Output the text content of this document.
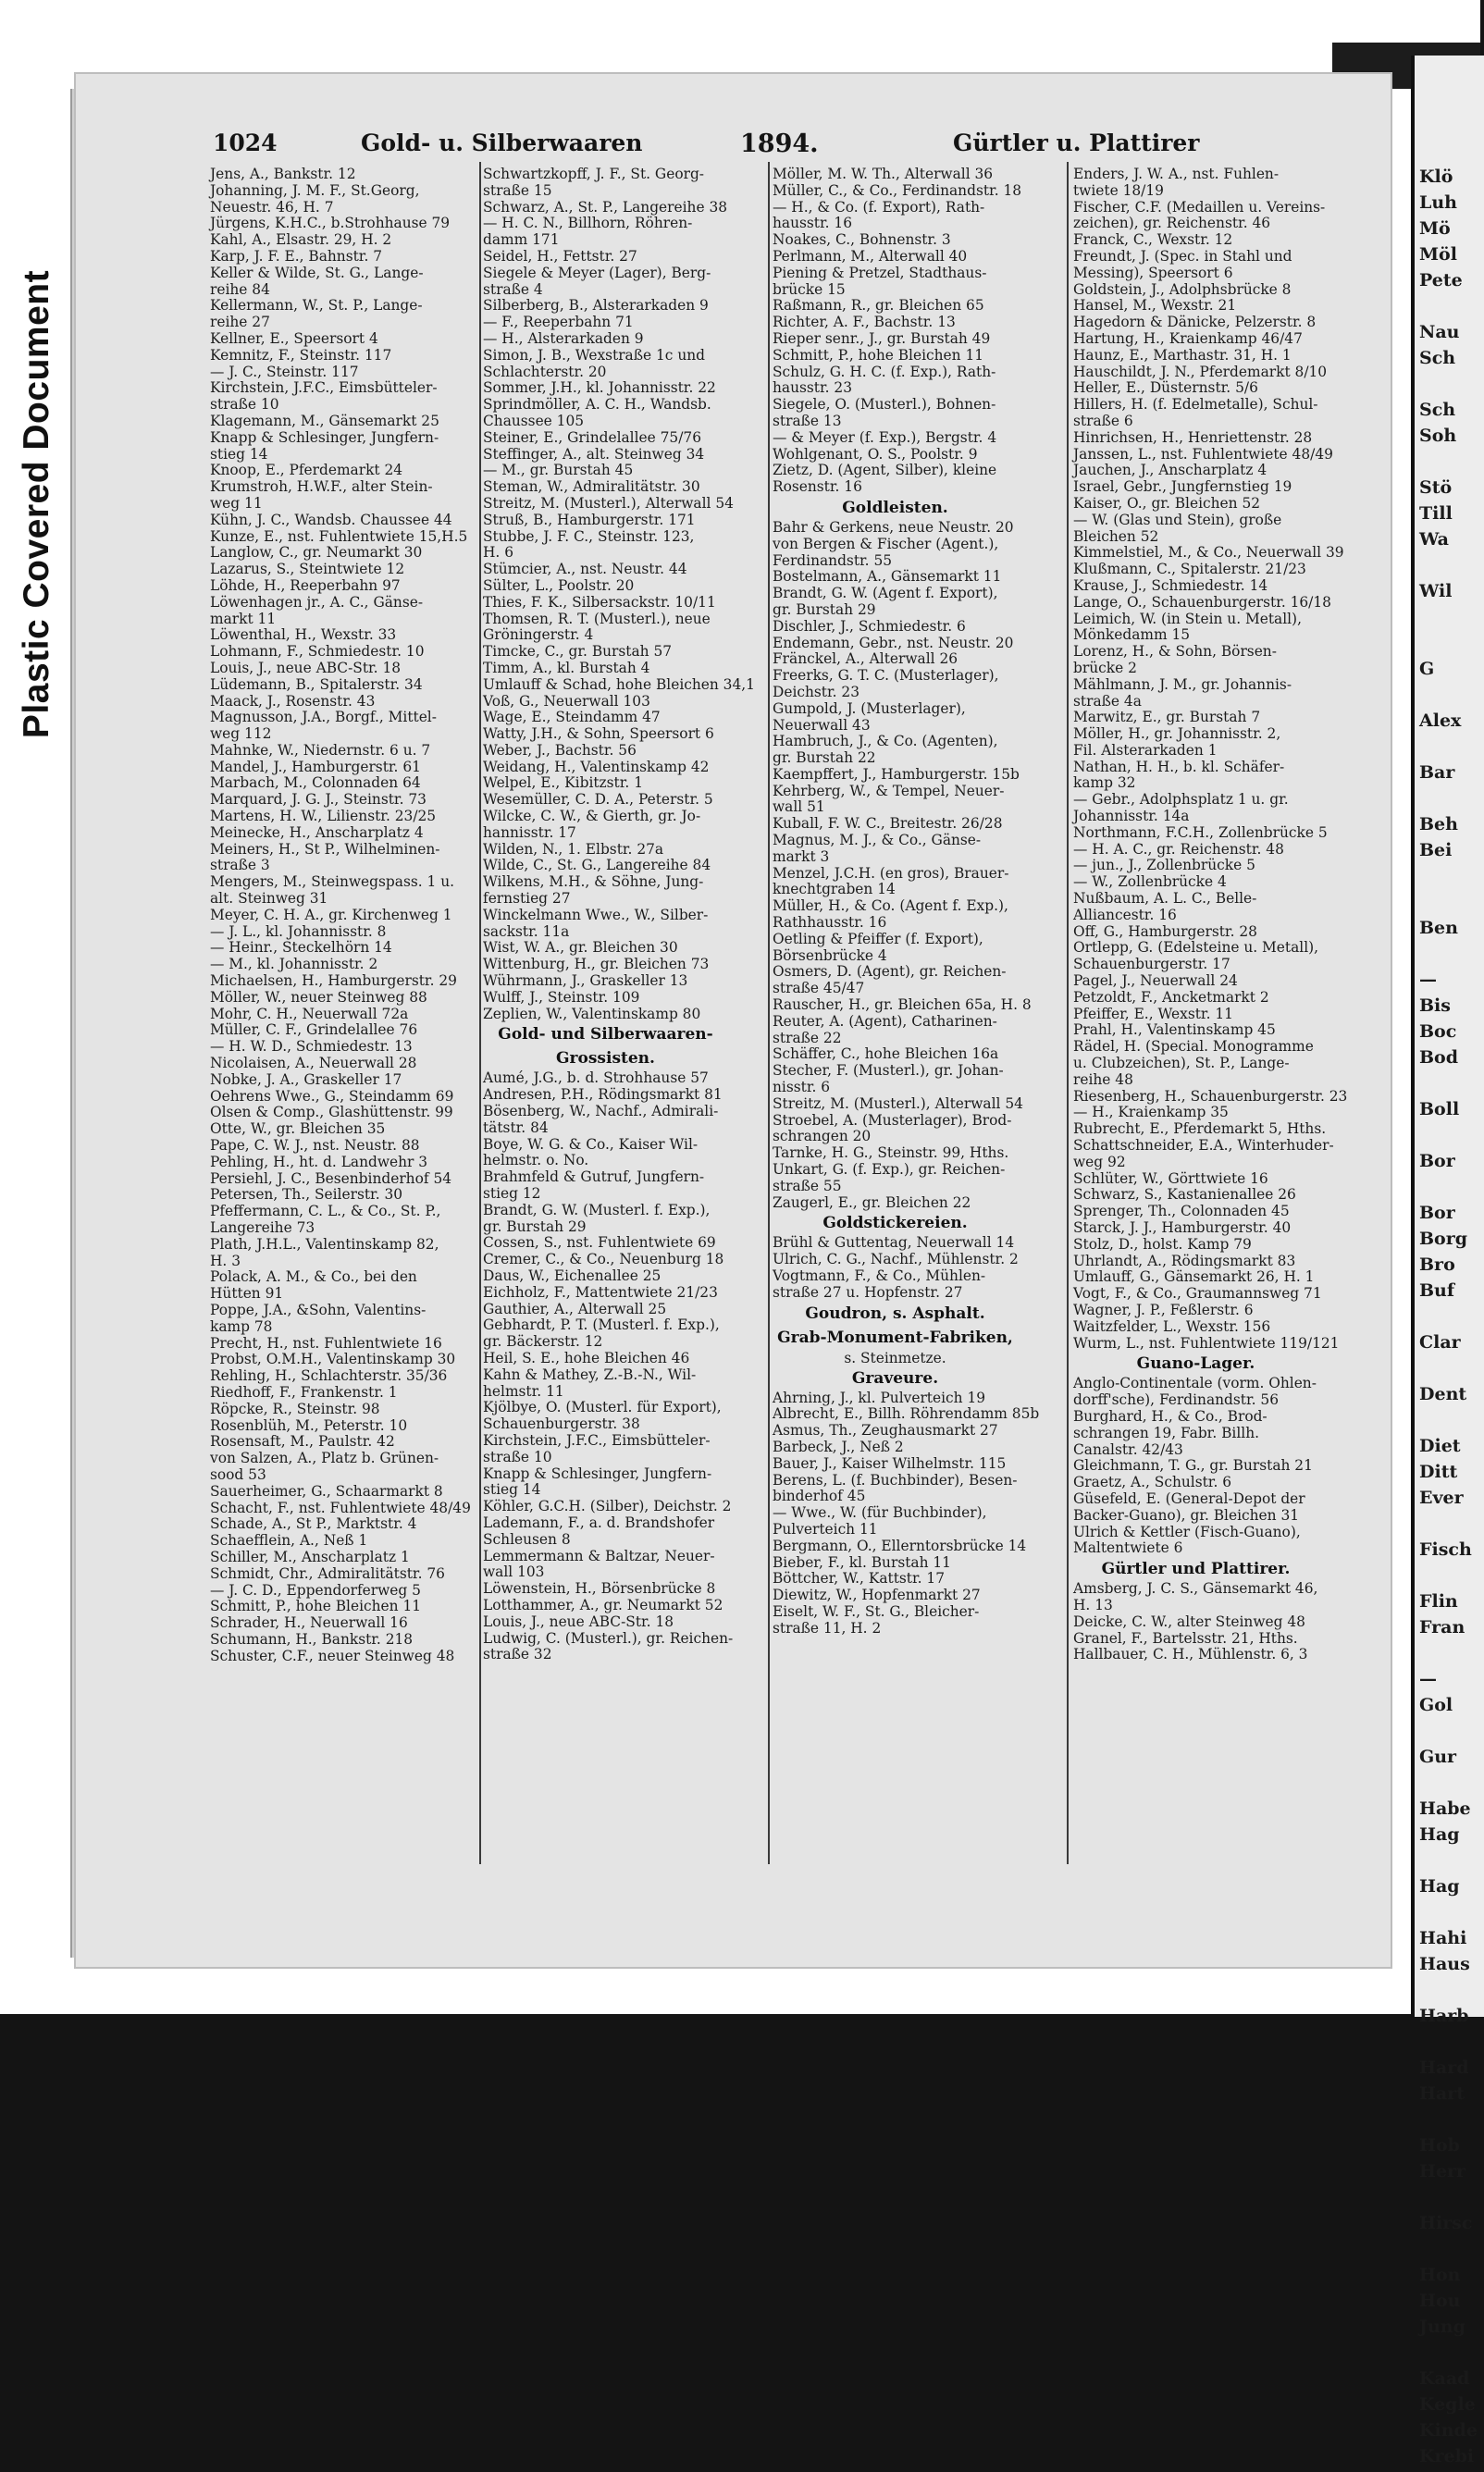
Plastic Covered Document
Klö
Luh
Mö
Möl
Pete
Nau
Sch
Sch
Soh
Stö
Till
Wa
Wil
G
Alex
Bar
Beh
Bei
Ben
—
Bis
Boc
Bod
Boll
Bor
Bor
Borg
Bro
Buf
Clar
Dent
Diet
Ditt
Ever
Fisch
Flin
Fran
—
Gol
Gur
Habe
Hag
Hag
Hahi
Haus
Harb
Hard
Hart
Hob
Herr
Hirsc
Hon
Hou
Jung
Kaad
Kegle
Kinde
Krebi
1024	Gold- u. Silberwaaren	1894.	Gürtler u. Plattirer
Jens, A., Bankstr. 12
Johanning, J. M. F., St.Georg,
Neuestr. 46, H. 7
Jürgens, K.H.C., b.Strohhause 79
Kahl, A., Elsastr. 29, H. 2
Karp, J. F. E., Bahnstr. 7
Keller & Wilde, St. G., Lange-
reihe 84
Kellermann, W., St. P., Lange-
reihe 27
Kellner, E., Speersort 4
Kemnitz, F., Steinstr. 117
— J. C., Steinstr. 117
Kirchstein, J.F.C., Eimsbütteler-
straße 10
Klagemann, M., Gänsemarkt 25
Knapp & Schlesinger, Jungfern-
stieg 14
Knoop, E., Pferdemarkt 24
Krumstroh, H.W.F., alter Stein-
weg 11
Kühn, J. C., Wandsb. Chaussee 44
Kunze, E., nst. Fuhlentwiete 15,H.5
Langlow, C., gr. Neumarkt 30
Lazarus, S., Steintwiete 12
Löhde, H., Reeperbahn 97
Löwenhagen jr., A. C., Gänse-
markt 11
Löwenthal, H., Wexstr. 33
Lohmann, F., Schmiedestr. 10
Louis, J., neue ABC-Str. 18
Lüdemann, B., Spitalerstr. 34
Maack, J., Rosenstr. 43
Magnusson, J.A., Borgf., Mittel-
weg 112
Mahnke, W., Niedernstr. 6 u. 7
Mandel, J., Hamburgerstr. 61
Marbach, M., Colonnaden 64
Marquard, J. G. J., Steinstr. 73
Martens, H. W., Lilienstr. 23/25
Meinecke, H., Anscharplatz 4
Meiners, H., St P., Wilhelminen-
straße 3
Mengers, M., Steinwegspass. 1 u.
alt. Steinweg 31
Meyer, C. H. A., gr. Kirchenweg 1
— J. L., kl. Johannisstr. 8
— Heinr., Steckelhörn 14
— M., kl. Johannisstr. 2
Michaelsen, H., Hamburgerstr. 29
Möller, W., neuer Steinweg 88
Mohr, C. H., Neuerwall 72a
Müller, C. F., Grindelallee 76
— H. W. D., Schmiedestr. 13
Nicolaisen, A., Neuerwall 28
Nobke, J. A., Graskeller 17
Oehrens Wwe., G., Steindamm 69
Olsen & Comp., Glashüttenstr. 99
Otte, W., gr. Bleichen 35
Pape, C. W. J., nst. Neustr. 88
Pehling, H., ht. d. Landwehr 3
Persiehl, J. C., Besenbinderhof 54
Petersen, Th., Seilerstr. 30
Pfeffermann, C. L., & Co., St. P.,
Langereihe 73
Plath, J.H.L., Valentinskamp 82,
H. 3
Polack, A. M., & Co., bei den
Hütten 91
Poppe, J.A., &Sohn, Valentins-
kamp 78
Precht, H., nst. Fuhlentwiete 16
Probst, O.M.H., Valentinskamp 30
Rehling, H., Schlachterstr. 35/36
Riedhoff, F., Frankenstr. 1
Röpcke, R., Steinstr. 98
Rosenblüh, M., Peterstr. 10
Rosensaft, M., Paulstr. 42
von Salzen, A., Platz b. Grünen-
sood 53
Sauerheimer, G., Schaarmarkt 8
Schacht, F., nst. Fuhlentwiete 48/49
Schade, A., St P., Marktstr. 4
Schaefflein, A., Neß 1
Schiller, M., Anscharplatz 1
Schmidt, Chr., Admiralitätstr. 76
— J. C. D., Eppendorferweg 5
Schmitt, P., hohe Bleichen 11
Schrader, H., Neuerwall 16
Schumann, H., Bankstr. 218
Schuster, C.F., neuer Steinweg 48
Schwartzkopff, J. F., St. Georg-
straße 15
Schwarz, A., St. P., Langereihe 38
— H. C. N., Billhorn, Röhren-
damm 171
Seidel, H., Fettstr. 27
Siegele & Meyer (Lager), Berg-
straße 4
Silberberg, B., Alsterarkaden 9
— F., Reeperbahn 71
— H., Alsterarkaden 9
Simon, J. B., Wexstraße 1c und
Schlachterstr. 20
Sommer, J.H., kl. Johannisstr. 22
Sprindmöller, A. C. H., Wandsb.
Chaussee 105
Steiner, E., Grindelallee 75/76
Steffinger, A., alt. Steinweg 34
— M., gr. Burstah 45
Steman, W., Admiralitätstr. 30
Streitz, M. (Musterl.), Alterwall 54
Struß, B., Hamburgerstr. 171
Stubbe, J. F. C., Steinstr. 123,
H. 6
Stümcier, A., nst. Neustr. 44
Sülter, L., Poolstr. 20
Thies, F. K., Silbersackstr. 10/11
Thomsen, R. T. (Musterl.), neue
Gröningerstr. 4
Timcke, C., gr. Burstah 57
Timm, A., kl. Burstah 4
Umlauff & Schad, hohe Bleichen 34,1
Voß, G., Neuerwall 103
Wage, E., Steindamm 47
Watty, J.H., & Sohn, Speersort 6
Weber, J., Bachstr. 56
Weidang, H., Valentinskamp 42
Welpel, E., Kibitzstr. 1
Wesemüller, C. D. A., Peterstr. 5
Wilcke, C. W., & Gierth, gr. Jo-
hannisstr. 17
Wilden, N., 1. Elbstr. 27a
Wilde, C., St. G., Langereihe 84
Wilkens, M.H., & Söhne, Jung-
fernstieg 27
Winckelmann Wwe., W., Silber-
sackstr. 11a
Wist, W. A., gr. Bleichen 30
Wittenburg, H., gr. Bleichen 73
Wührmann, J., Graskeller 13
Wulff, J., Steinstr. 109
Zeplien, W., Valentinskamp 80
Gold- und Silberwaaren-
Grossisten.
Aumé, J.G., b. d. Strohhause 57
Andresen, P.H., Rödingsmarkt 81
Bösenberg, W., Nachf., Admirali-
tätstr. 84
Boye, W. G. & Co., Kaiser Wil-
helmstr. o. No.
Brahmfeld & Gutruf, Jungfern-
stieg 12
Brandt, G. W. (Musterl. f. Exp.),
gr. Burstah 29
Cossen, S., nst. Fuhlentwiete 69
Cremer, C., & Co., Neuenburg 18
Daus, W., Eichenallee 25
Eichholz, F., Mattentwiete 21/23
Gauthier, A., Alterwall 25
Gebhardt, P. T. (Musterl. f. Exp.),
gr. Bäckerstr. 12
Heil, S. E., hohe Bleichen 46
Kahn & Mathey, Z.-B.-N., Wil-
helmstr. 11
Kjölbye, O. (Musterl. für Export),
Schauenburgerstr. 38
Kirchstein, J.F.C., Eimsbütteler-
straße 10
Knapp & Schlesinger, Jungfern-
stieg 14
Köhler, G.C.H. (Silber), Deichstr. 2
Lademann, F., a. d. Brandshofer
Schleusen 8
Lemmermann & Baltzar, Neuer-
wall 103
Löwenstein, H., Börsenbrücke 8
Lotthammer, A., gr. Neumarkt 52
Louis, J., neue ABC-Str. 18
Ludwig, C. (Musterl.), gr. Reichen-
straße 32
Möller, M. W. Th., Alterwall 36
Müller, C., & Co., Ferdinandstr. 18
— H., & Co. (f. Export), Rath-
hausstr. 16
Noakes, C., Bohnenstr. 3
Perlmann, M., Alterwall 40
Piening & Pretzel, Stadthaus-
brücke 15
Raßmann, R., gr. Bleichen 65
Richter, A. F., Bachstr. 13
Rieper senr., J., gr. Burstah 49
Schmitt, P., hohe Bleichen 11
Schulz, G. H. C. (f. Exp.), Rath-
hausstr. 23
Siegele, O. (Musterl.), Bohnen-
straße 13
— & Meyer (f. Exp.), Bergstr. 4
Wohlgenant, O. S., Poolstr. 9
Zietz, D. (Agent, Silber), kleine
Rosenstr. 16
Goldleisten.
Bahr & Gerkens, neue Neustr. 20
von Bergen & Fischer (Agent.),
Ferdinandstr. 55
Bostelmann, A., Gänsemarkt 11
Brandt, G. W. (Agent f. Export),
gr. Burstah 29
Dischler, J., Schmiedestr. 6
Endemann, Gebr., nst. Neustr. 20
Fränckel, A., Alterwall 26
Freerks, G. T. C. (Musterlager),
Deichstr. 23
Gumpold, J. (Musterlager),
Neuerwall 43
Hambruch, J., & Co. (Agenten),
gr. Burstah 22
Kaempffert, J., Hamburgerstr. 15b
Kehrberg, W., & Tempel, Neuer-
wall 51
Kuball, F. W. C., Breitestr. 26/28
Magnus, M. J., & Co., Gänse-
markt 3
Menzel, J.C.H. (en gros), Brauer-
knechtgraben 14
Müller, H., & Co. (Agent f. Exp.),
Rathhausstr. 16
Oetling & Pfeiffer (f. Export),
Börsenbrücke 4
Osmers, D. (Agent), gr. Reichen-
straße 45/47
Rauscher, H., gr. Bleichen 65a, H. 8
Reuter, A. (Agent), Catharinen-
straße 22
Schäffer, C., hohe Bleichen 16a
Stecher, F. (Musterl.), gr. Johan-
nisstr. 6
Streitz, M. (Musterl.), Alterwall 54
Stroebel, A. (Musterlager), Brod-
schrangen 20
Tarnke, H. G., Steinstr. 99, Hths.
Unkart, G. (f. Exp.), gr. Reichen-
straße 55
Zaugerl, E., gr. Bleichen 22
Goldstickereien.
Brühl & Guttentag, Neuerwall 14
Ulrich, C. G., Nachf., Mühlenstr. 2
Vogtmann, F., & Co., Mühlen-
straße 27 u. Hopfenstr. 27
Goudron, s. Asphalt.
Grab-Monument-Fabriken,
s. Steinmetze.
Graveure.
Ahrning, J., kl. Pulverteich 19
Albrecht, E., Billh. Röhrendamm 85b
Asmus, Th., Zeughausmarkt 27
Barbeck, J., Neß 2
Bauer, J., Kaiser Wilhelmstr. 115
Berens, L. (f. Buchbinder), Besen-
binderhof 45
— Wwe., W. (für Buchbinder),
Pulverteich 11
Bergmann, O., Ellerntorsbrücke 14
Bieber, F., kl. Burstah 11
Böttcher, W., Kattstr. 17
Diewitz, W., Hopfenmarkt 27
Eiselt, W. F., St. G., Bleicher-
straße 11, H. 2
Enders, J. W. A., nst. Fuhlen-
twiete 18/19
Fischer, C.F. (Medaillen u. Vereins-
zeichen), gr. Reichenstr. 46
Franck, C., Wexstr. 12
Freundt, J. (Spec. in Stahl und
Messing), Speersort 6
Goldstein, J., Adolphsbrücke 8
Hansel, M., Wexstr. 21
Hagedorn & Dänicke, Pelzerstr. 8
Hartung, H., Kraienkamp 46/47
Haunz, E., Marthastr. 31, H. 1
Hauschildt, J. N., Pferdemarkt 8/10
Heller, E., Düsternstr. 5/6
Hillers, H. (f. Edelmetalle), Schul-
straße 6
Hinrichsen, H., Henriettenstr. 28
Janssen, L., nst. Fuhlentwiete 48/49
Jauchen, J., Anscharplatz 4
Israel, Gebr., Jungfernstieg 19
Kaiser, O., gr. Bleichen 52
— W. (Glas und Stein), große
Bleichen 52
Kimmelstiel, M., & Co., Neuerwall 39
Klußmann, C., Spitalerstr. 21/23
Krause, J., Schmiedestr. 14
Lange, O., Schauenburgerstr. 16/18
Leimich, W. (in Stein u. Metall),
Mönkedamm 15
Lorenz, H., & Sohn, Börsen-
brücke 2
Mählmann, J. M., gr. Johannis-
straße 4a
Marwitz, E., gr. Burstah 7
Möller, H., gr. Johannisstr. 2,
Fil. Alsterarkaden 1
Nathan, H. H., b. kl. Schäfer-
kamp 32
— Gebr., Adolphsplatz 1 u. gr.
Johannisstr. 14a
Northmann, F.C.H., Zollenbrücke 5
— H. A. C., gr. Reichenstr. 48
— jun., J., Zollenbrücke 5
— W., Zollenbrücke 4
Nußbaum, A. L. C., Belle-
Alliancestr. 16
Off, G., Hamburgerstr. 28
Ortlepp, G. (Edelsteine u. Metall),
Schauenburgerstr. 17
Pagel, J., Neuerwall 24
Petzoldt, F., Ancketmarkt 2
Pfeiffer, E., Wexstr. 11
Prahl, H., Valentinskamp 45
Rädel, H. (Special. Monogramme
u. Clubzeichen), St. P., Lange-
reihe 48
Riesenberg, H., Schauenburgerstr. 23
— H., Kraienkamp 35
Rubrecht, E., Pferdemarkt 5, Hths.
Schattschneider, E.A., Winterhuder-
weg 92
Schlüter, W., Görttwiete 16
Schwarz, S., Kastanienallee 26
Sprenger, Th., Colonnaden 45
Starck, J. J., Hamburgerstr. 40
Stolz, D., holst. Kamp 79
Uhrlandt, A., Rödingsmarkt 83
Umlauff, G., Gänsemarkt 26, H. 1
Vogt, F., & Co., Graumannsweg 71
Wagner, J. P., Feßlerstr. 6
Waitzfelder, L., Wexstr. 156
Wurm, L., nst. Fuhlentwiete 119/121
Guano-Lager.
Anglo-Continentale (vorm. Ohlen-
dorff'sche), Ferdinandstr. 56
Burghard, H., & Co., Brod-
schrangen 19, Fabr. Billh.
Canalstr. 42/43
Gleichmann, T. G., gr. Burstah 21
Graetz, A., Schulstr. 6
Güsefeld, E. (General-Depot der
Backer-Guano), gr. Bleichen 31
Ulrich & Kettler (Fisch-Guano),
Maltentwiete 6
Gürtler und Plattirer.
Amsberg, J. C. S., Gänsemarkt 46,
H. 13
Deicke, C. W., alter Steinweg 48
Granel, F., Bartelsstr. 21, Hths.
Hallbauer, C. H., Mühlenstr. 6, 3
